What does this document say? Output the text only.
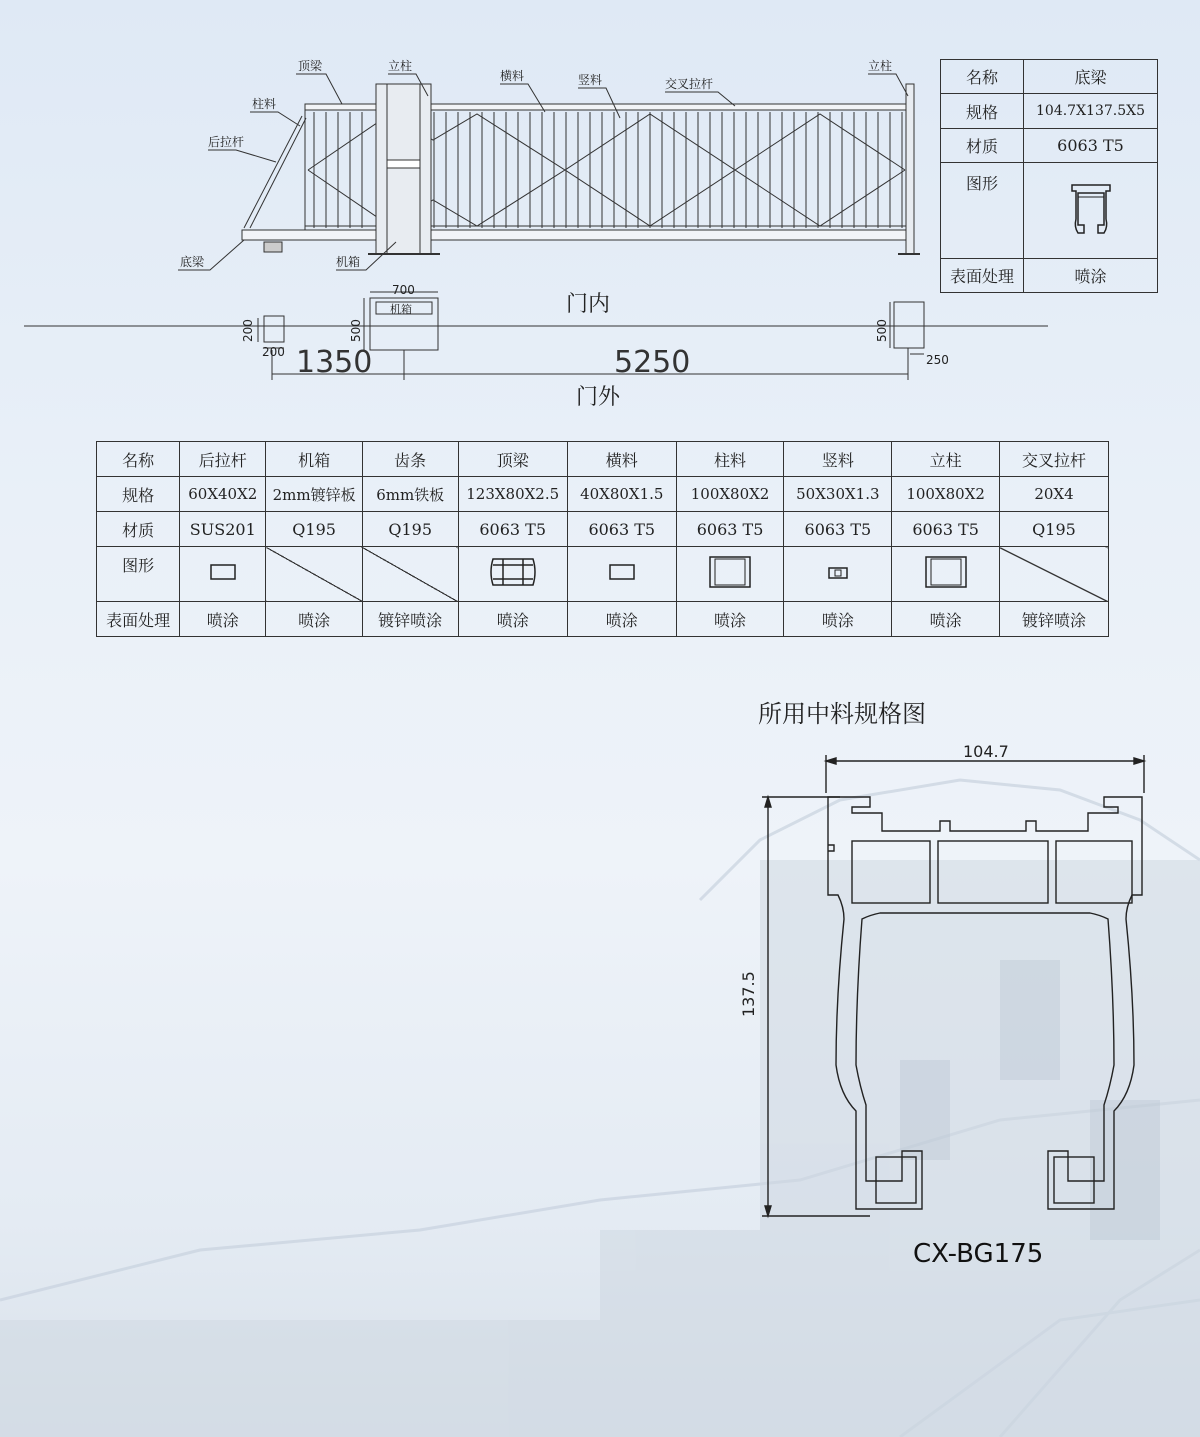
顶梁	立柱
横料	竖料	交叉拉杆
立柱
柱料
后拉杆
底梁	机箱
门内
门外
700
机箱
500
200
200
500
250
1350	5250
名称	底梁
规格	104.7X137.5X5
材质	6063 T5
图形	
表面处理	喷涂
名称	后拉杆	机箱	齿条	顶梁	横料	柱料	竖料	立柱	交叉拉杆
规格	60X40X2	2mm镀锌板	6mm铁板	123X80X2.5	40X80X1.5	100X80X2	50X30X1.3	100X80X2	20X4
材质	SUS201	Q195	Q195	6063 T5	6063 T5	6063 T5	6063 T5	6063 T5	Q195
图形									
表面处理	喷涂	喷涂	镀锌喷涂	喷涂	喷涂	喷涂	喷涂	喷涂	镀锌喷涂
所用中料规格图
104.7
137.5
CX-BG175
